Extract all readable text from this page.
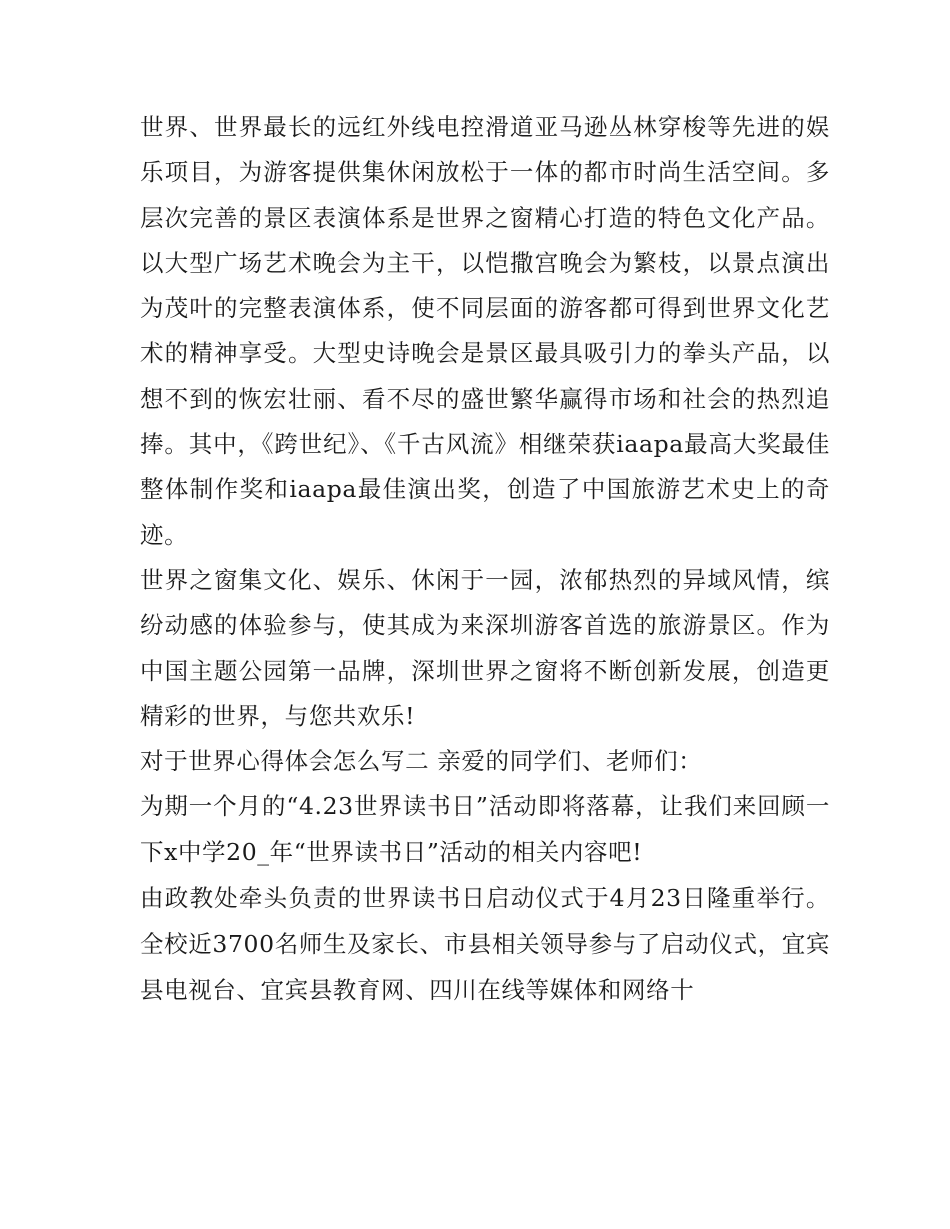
世界、世界最长的远红外线电控滑道亚马逊丛林穿梭等先进的娱乐项目，为游客提供集休闲放松于一体的都市时尚生活空间。多层次完善的景区表演体系是世界之窗精心打造的特色文化产品。以大型广场艺术晚会为主干，以恺撒宫晚会为繁枝，以景点演出为茂叶的完整表演体系，使不同层面的游客都可得到世界文化艺术的精神享受。大型史诗晚会是景区最具吸引力的拳头产品，以想不到的恢宏壮丽、看不尽的盛世繁华赢得市场和社会的热烈追捧。其中，《跨世纪》、《千古风流》相继荣获iaapa最高大奖最佳整体制作奖和iaapa最佳演出奖，创造了中国旅游艺术史上的奇迹。

世界之窗集文化、娱乐、休闲于一园，浓郁热烈的异域风情，缤纷动感的体验参与，使其成为来深圳游客首选的旅游景区。作为中国主题公园第一品牌，深圳世界之窗将不断创新发展，创造更精彩的世界，与您共欢乐!

对于世界心得体会怎么写二 亲爱的同学们、老师们：

为期一个月的“4.23世界读书日”活动即将落幕，让我们来回顾一下x中学20_年“世界读书日”活动的相关内容吧!

由政教处牵头负责的世界读书日启动仪式于4月23日隆重举行。全校近3700名师生及家长、市县相关领导参与了启动仪式，宜宾县电视台、宜宾县教育网、四川在线等媒体和网络十
